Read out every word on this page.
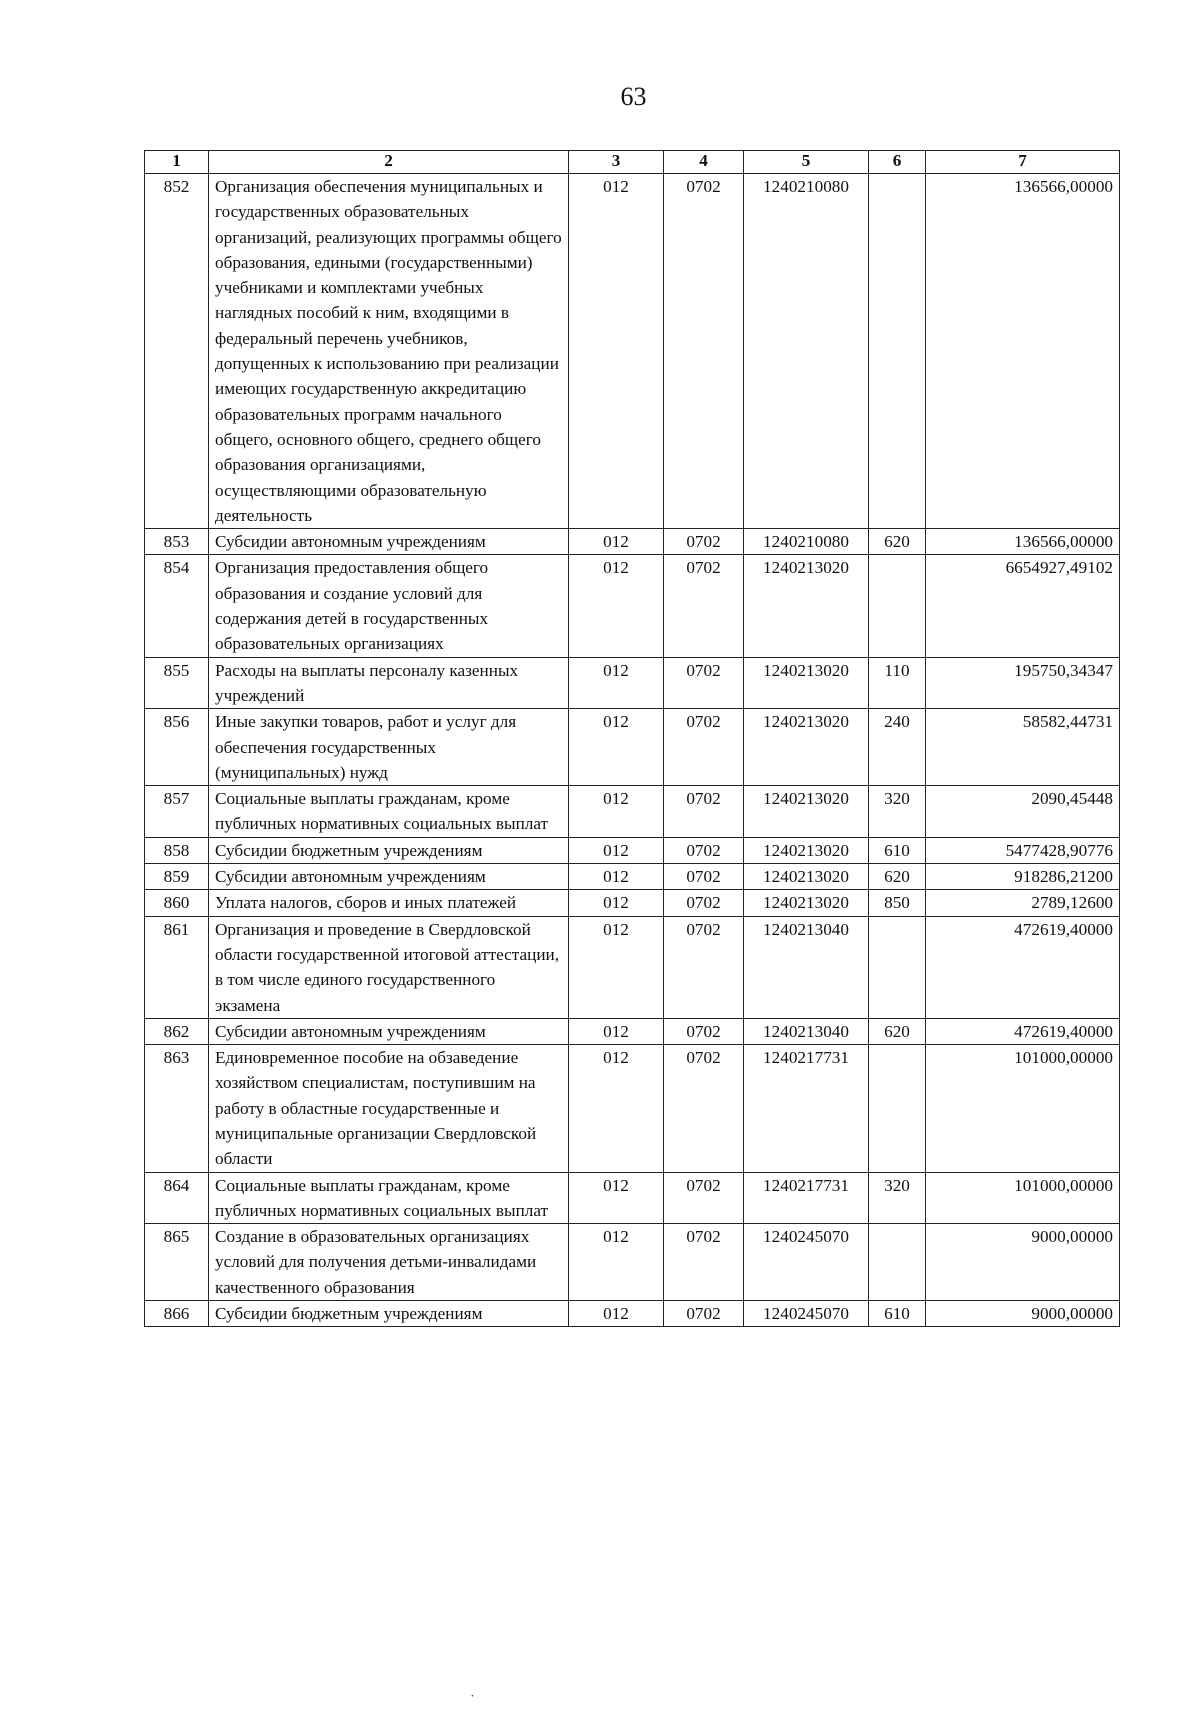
63
1	2	3	4	5	6	7
852	Организация обеспечения муниципальных и государственных образовательных организаций, реализующих программы общего образования, едиными (государственными) учебниками и комплектами учебных наглядных пособий к ним, входящими в федеральный перечень учебников, допущенных к использованию при реализации имеющих государственную аккредитацию образовательных программ начального общего, основного общего, среднего общего образования организациями, осуществляющими образовательную деятельность	012	0702	1240210080		136566,00000
853	Субсидии автономным учреждениям	012	0702	1240210080	620	136566,00000
854	Организация предоставления общего образования и создание условий для содержания детей в государственных образовательных организациях	012	0702	1240213020		6654927,49102
855	Расходы на выплаты персоналу казенных учреждений	012	0702	1240213020	110	195750,34347
856	Иные закупки товаров, работ и услуг для обеспечения государственных (муниципальных) нужд	012	0702	1240213020	240	58582,44731
857	Социальные выплаты гражданам, кроме публичных нормативных социальных выплат	012	0702	1240213020	320	2090,45448
858	Субсидии бюджетным учреждениям	012	0702	1240213020	610	5477428,90776
859	Субсидии автономным учреждениям	012	0702	1240213020	620	918286,21200
860	Уплата налогов, сборов и иных платежей	012	0702	1240213020	850	2789,12600
861	Организация и проведение в Свердловской области государственной итоговой аттестации, в том числе единого государственного экзамена	012	0702	1240213040		472619,40000
862	Субсидии автономным учреждениям	012	0702	1240213040	620	472619,40000
863	Единовременное пособие на обзаведение хозяйством специалистам, поступившим на работу в областные государственные и муниципальные организации Свердловской области	012	0702	1240217731		101000,00000
864	Социальные выплаты гражданам, кроме публичных нормативных социальных выплат	012	0702	1240217731	320	101000,00000
865	Создание в образовательных организациях условий для получения детьми-инвалидами качественного образования	012	0702	1240245070		9000,00000
866	Субсидии бюджетным учреждениям	012	0702	1240245070	610	9000,00000
˙
